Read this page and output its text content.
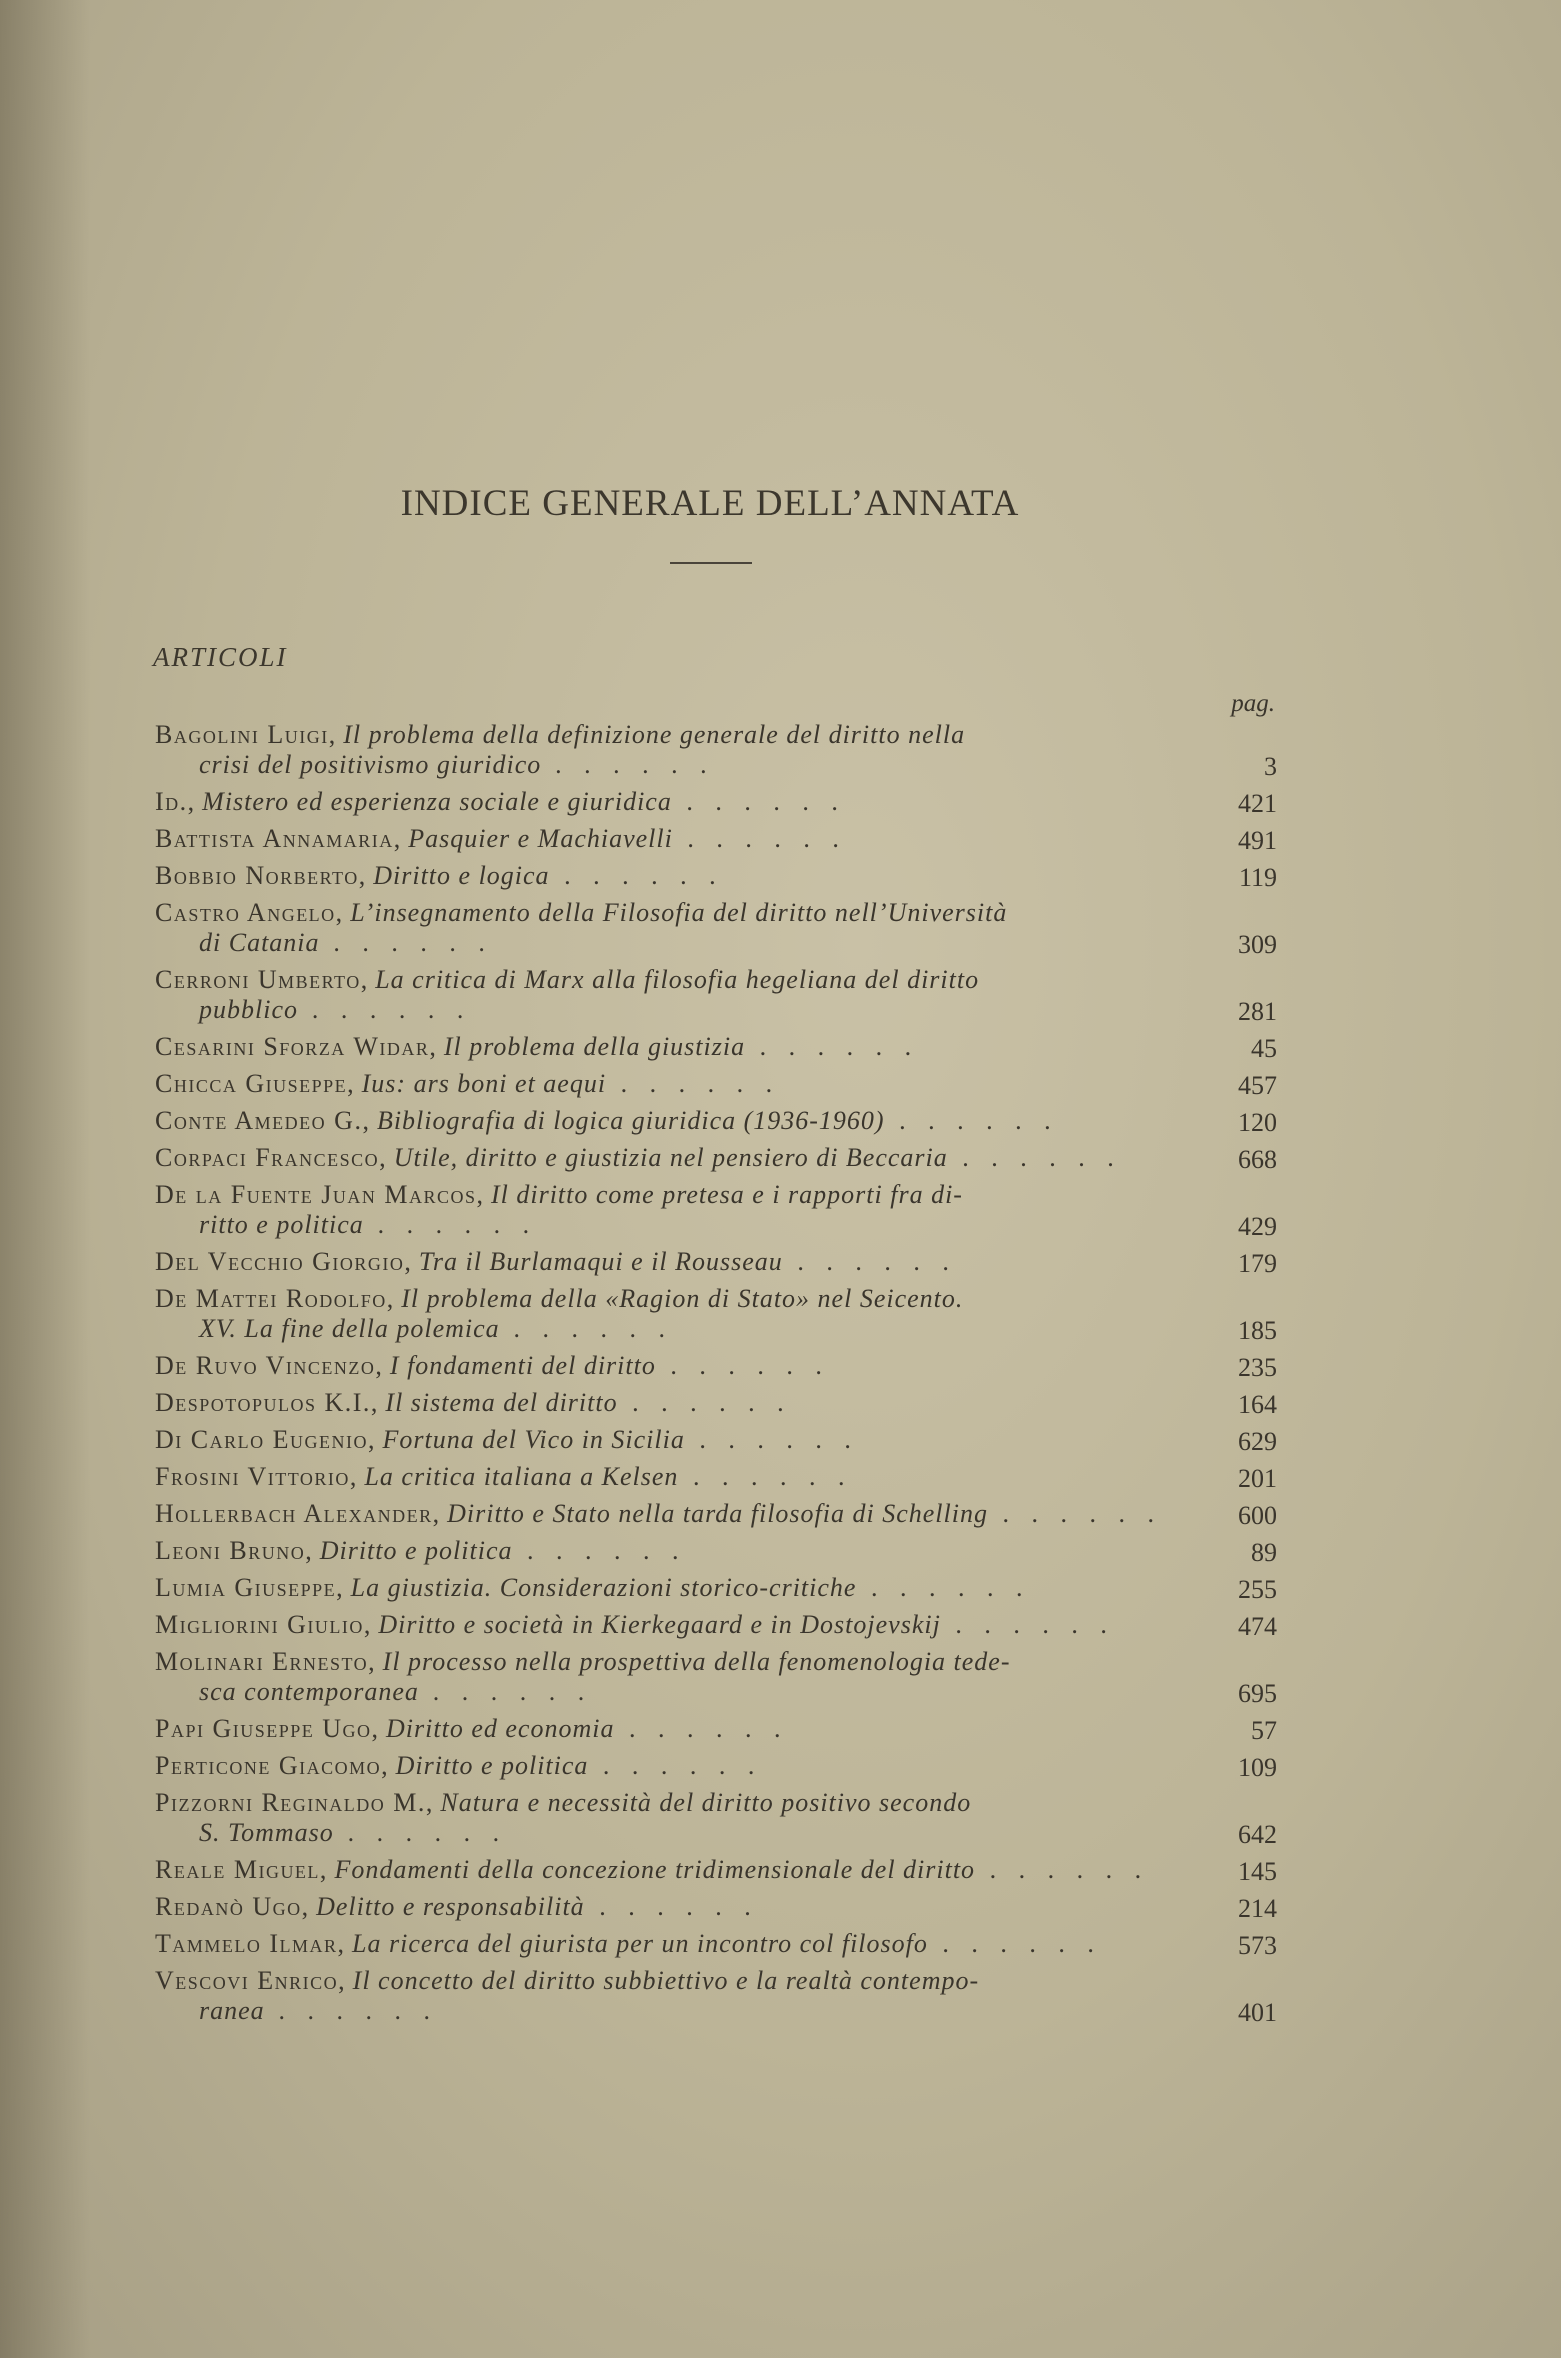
INDICE GENERALE DELL’ANNATA
ARTICOLI
pag.
Bagolini Luigi, Il problema della definizione generale del diritto nella
crisi del positivismo giuridico . . . . . .	3
Id., Mistero ed esperienza sociale e giuridica . . . . . .	421
Battista Annamaria, Pasquier e Machiavelli . . . . . .	491
Bobbio Norberto, Diritto e logica . . . . . .	119
Castro Angelo, L’insegnamento della Filosofia del diritto nell’Università
di Catania . . . . . .	309
Cerroni Umberto, La critica di Marx alla filosofia hegeliana del diritto
pubblico . . . . . .	281
Cesarini Sforza Widar, Il problema della giustizia . . . . . .	45
Chicca Giuseppe, Ius: ars boni et aequi . . . . . .	457
Conte Amedeo G., Bibliografia di logica giuridica (1936-1960) . . . . . .	120
Corpaci Francesco, Utile, diritto e giustizia nel pensiero di Beccaria . . . . . .	668
De la Fuente Juan Marcos, Il diritto come pretesa e i rapporti fra di-
ritto e politica . . . . . .	429
Del Vecchio Giorgio, Tra il Burlamaqui e il Rousseau . . . . . .	179
De Mattei Rodolfo, Il problema della «Ragion di Stato» nel Seicento.
XV. La fine della polemica . . . . . .	185
De Ruvo Vincenzo, I fondamenti del diritto . . . . . .	235
Despotopulos K.I., Il sistema del diritto . . . . . .	164
Di Carlo Eugenio, Fortuna del Vico in Sicilia . . . . . .	629
Frosini Vittorio, La critica italiana a Kelsen . . . . . .	201
Hollerbach Alexander, Diritto e Stato nella tarda filosofia di Schelling . . . . . .	600
Leoni Bruno, Diritto e politica . . . . . .	89
Lumia Giuseppe, La giustizia. Considerazioni storico-critiche . . . . . .	255
Migliorini Giulio, Diritto e società in Kierkegaard e in Dostojevskij . . . . . .	474
Molinari Ernesto, Il processo nella prospettiva della fenomenologia tede-
sca contemporanea . . . . . .	695
Papi Giuseppe Ugo, Diritto ed economia . . . . . .	57
Perticone Giacomo, Diritto e politica . . . . . .	109
Pizzorni Reginaldo M., Natura e necessità del diritto positivo secondo
S. Tommaso . . . . . .	642
Reale Miguel, Fondamenti della concezione tridimensionale del diritto . . . . . .	145
Redanò Ugo, Delitto e responsabilità . . . . . .	214
Tammelo Ilmar, La ricerca del giurista per un incontro col filosofo . . . . . .	573
Vescovi Enrico, Il concetto del diritto subbiettivo e la realtà contempo-
ranea . . . . . .	401
